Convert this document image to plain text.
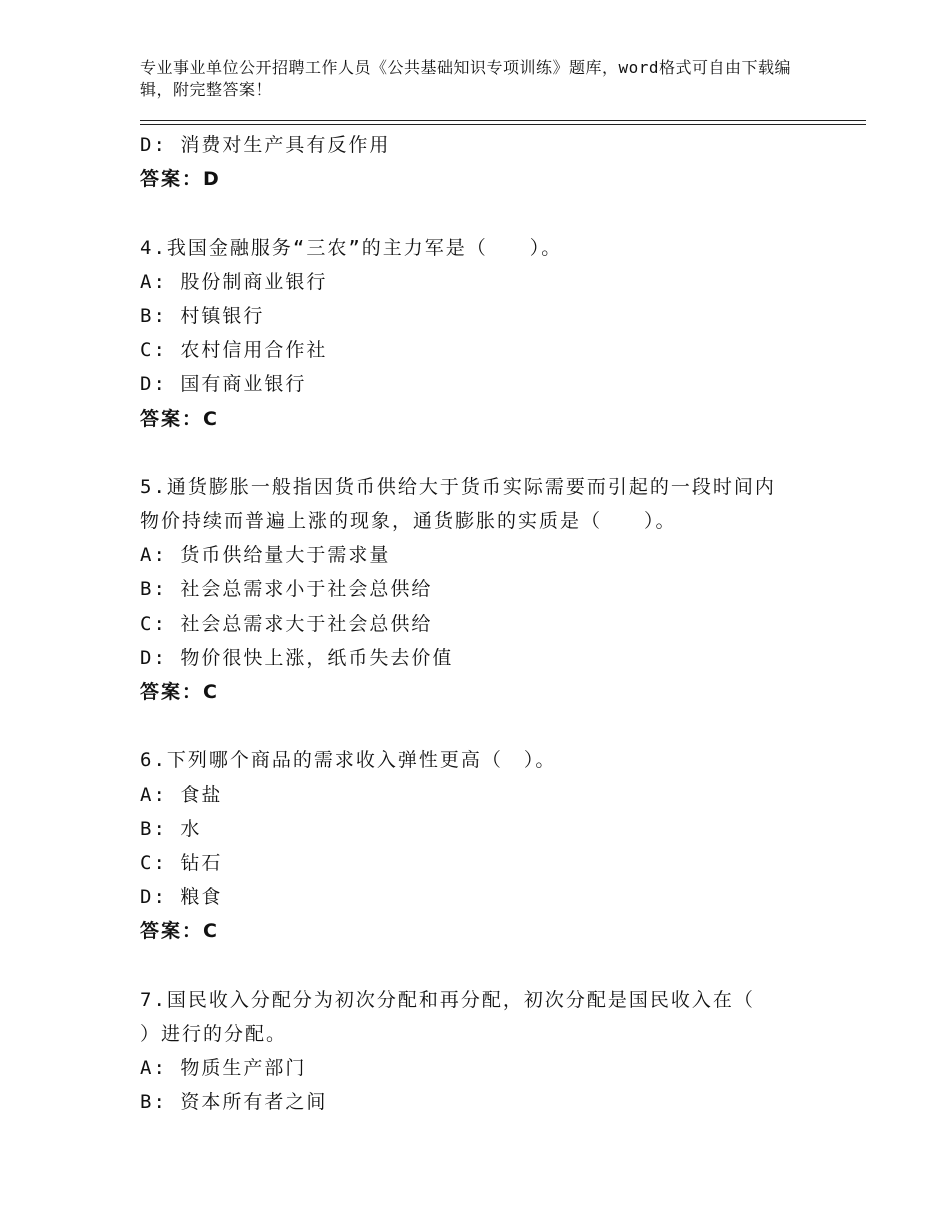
专业事业单位公开招聘工作人员《公共基础知识专项训练》题库，word格式可自由下载编辑，附完整答案！
D: 消费对生产具有反作用
答案：D
4.我国金融服务“三农”的主力军是（　　）。
A: 股份制商业银行
B: 村镇银行
C: 农村信用合作社
D: 国有商业银行
答案：C
5.通货膨胀一般指因货币供给大于货币实际需要而引起的一段时间内
物价持续而普遍上涨的现象，通货膨胀的实质是（　　）。
A: 货币供给量大于需求量
B: 社会总需求小于社会总供给
C: 社会总需求大于社会总供给
D: 物价很快上涨，纸币失去价值
答案：C
6.下列哪个商品的需求收入弹性更高（　）。
A: 食盐
B: 水
C: 钻石
D: 粮食
答案：C
7.国民收入分配分为初次分配和再分配，初次分配是国民收入在（
）进行的分配。
A: 物质生产部门
B: 资本所有者之间
